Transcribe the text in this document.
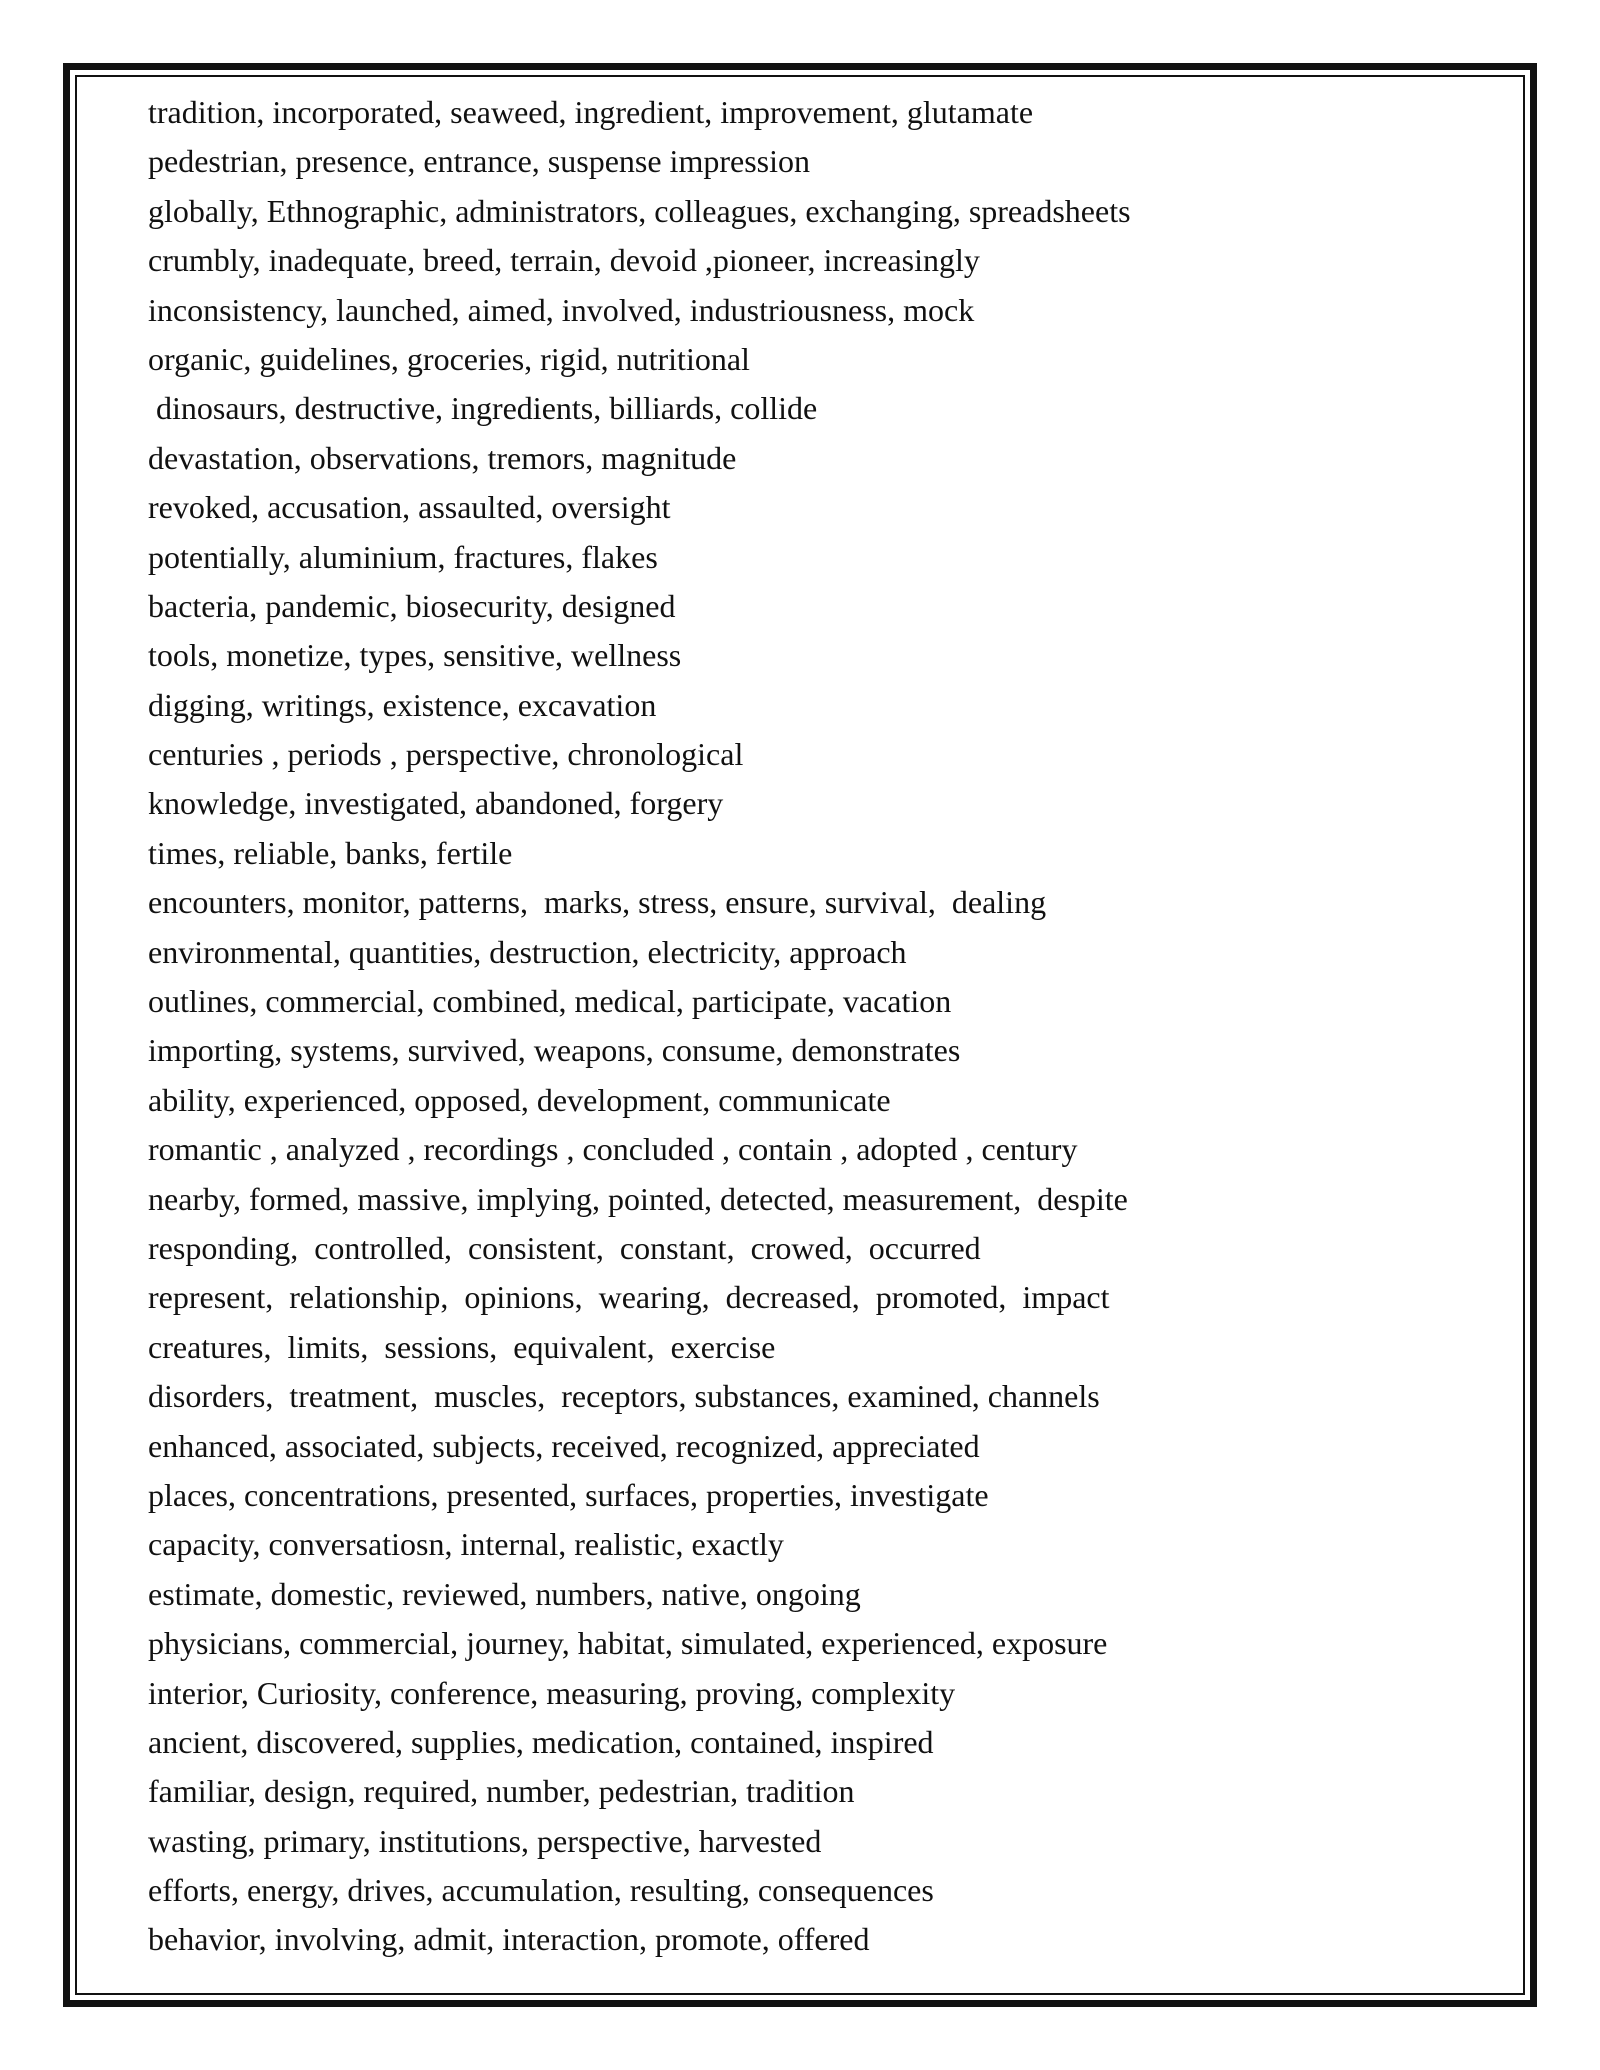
tradition, incorporated, seaweed, ingredient, improvement, glutamate
pedestrian, presence, entrance, suspense impression
globally, Ethnographic, administrators, colleagues, exchanging, spreadsheets
crumbly, inadequate, breed, terrain, devoid ,pioneer, increasingly
inconsistency, launched, aimed, involved, industriousness, mock
organic, guidelines, groceries, rigid, nutritional
dinosaurs, destructive, ingredients, billiards, collide
devastation, observations, tremors, magnitude
revoked, accusation, assaulted, oversight
potentially, aluminium, fractures, flakes
bacteria, pandemic, biosecurity, designed
tools, monetize, types, sensitive, wellness
digging, writings, existence, excavation
centuries , periods , perspective, chronological
knowledge, investigated, abandoned, forgery
times, reliable, banks, fertile
encounters, monitor, patterns,  marks, stress, ensure, survival,  dealing
environmental, quantities, destruction, electricity, approach
outlines, commercial, combined, medical, participate, vacation
importing, systems, survived, weapons, consume, demonstrates
ability, experienced, opposed, development, communicate
romantic , analyzed , recordings , concluded , contain , adopted , century
nearby, formed, massive, implying, pointed, detected, measurement,  despite
responding,  controlled,  consistent,  constant,  crowed,  occurred
represent,  relationship,  opinions,  wearing,  decreased,  promoted,  impact
creatures,  limits,  sessions,  equivalent,  exercise
disorders,  treatment,  muscles,  receptors, substances, examined, channels
enhanced, associated, subjects, received, recognized, appreciated
places, concentrations, presented, surfaces, properties, investigate
capacity, conversatiosn, internal, realistic, exactly
estimate, domestic, reviewed, numbers, native, ongoing
physicians, commercial, journey, habitat, simulated, experienced, exposure
interior, Curiosity, conference, measuring, proving, complexity
ancient, discovered, supplies, medication, contained, inspired
familiar, design, required, number, pedestrian, tradition
wasting, primary, institutions, perspective, harvested
efforts, energy, drives, accumulation, resulting, consequences
behavior, involving, admit, interaction, promote, offered
